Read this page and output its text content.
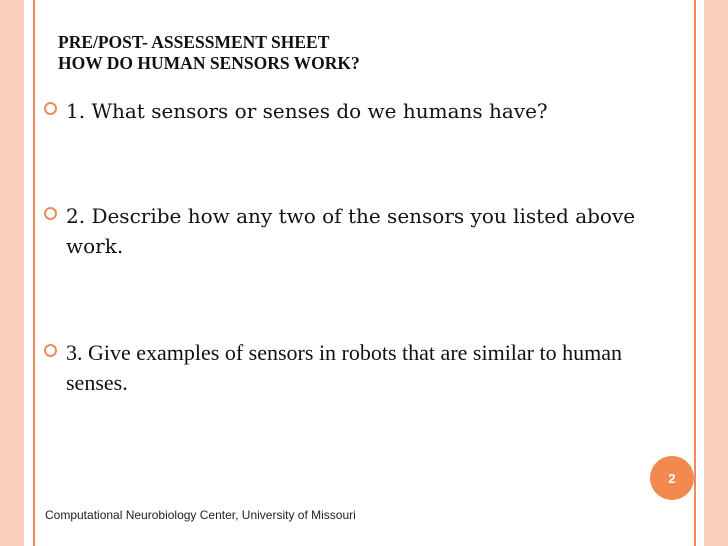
PRE/POST- ASSESSMENT SHEET
HOW DO HUMAN SENSORS WORK?
1. What sensors or senses do we humans have?
2. Describe how any two of the sensors you listed above work.
3. Give examples of sensors in robots that are similar to human senses.
Computational Neurobiology Center, University of Missouri
2
